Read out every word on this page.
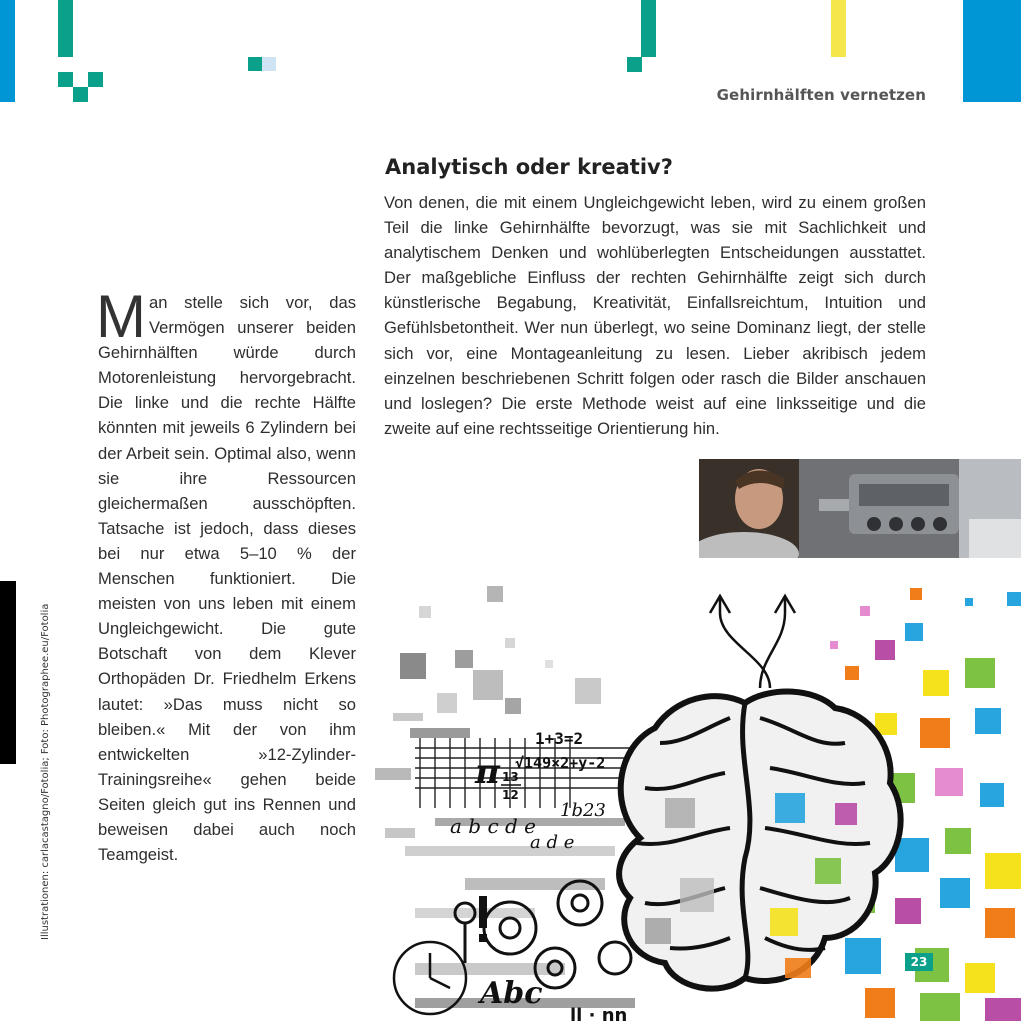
Gehirnhälften vernetzen
Man stelle sich vor, das Vermögen unserer beiden Gehirnhälften würde durch Motorenleistung hervorgebracht. Die linke und die rechte Hälfte könnten mit jeweils 6 Zylindern bei der Arbeit sein. Optimal also, wenn sie ihre Ressourcen gleichermaßen ausschöpften. Tatsache ist jedoch, dass dieses bei nur etwa 5–10 % der Menschen funktioniert. Die meisten von uns leben mit einem Ungleichgewicht. Die gute Botschaft von dem Klever Orthopäden Dr. Friedhelm Erkens lautet: »Das muss nicht so bleiben.« Mit der von ihm entwickelten »12-Zylinder-Trainingsreihe« gehen beide Seiten gleich gut ins Rennen und beweisen dabei auch noch Teamgeist.
Analytisch oder kreativ?
Von denen, die mit einem Ungleichgewicht leben, wird zu einem großen Teil die linke Gehirnhälfte bevorzugt, was sie mit Sachlichkeit und analytischem Denken und wohlüberlegten Entscheidungen ausstattet. Der maßgebliche Einfluss der rechten Gehirnhälfte zeigt sich durch künstlerische Begabung, Kreativität, Einfallsreichtum, Intuition und Gefühlsbetontheit. Wer nun überlegt, wo seine Dominanz liegt, der stelle sich vor, eine Montageanleitung zu lesen. Lieber akribisch jedem einzelnen beschriebenen Schritt folgen oder rasch die Bilder anschauen und loslegen? Die erste Methode weist auf eine linksseitige und die zweite auf eine rechtsseitige Orientierung hin.
Illustrationen: carlacastagno/Fotolia; Foto: Photographee.eu/Fotolia	1+3=2
√149×2+y-2
π 13
12
1b23
a b c d e
a d e
Abc
ll · nn
23
